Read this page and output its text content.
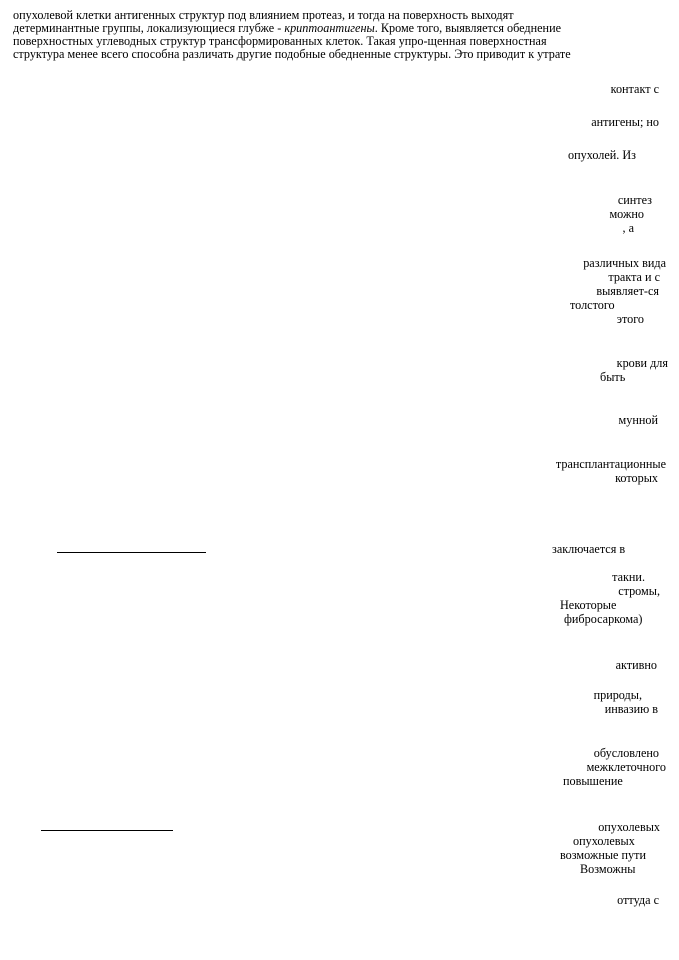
опухолевой клетки антигенных структур под влиянием протеаз, и тогда на поверхность выходят
детерминантные группы, локализующиеся глубже - криптоантигены. Кроме того, выявляется обеднение
поверхностных углеводных структур трансформированных клеток. Такая упро-щенная поверхностная
структура менее всего способна различать другие подобные обедненные структуры. Это приводит к утрате
контакт с
антигены; но
опухолей. Из
синтез
можно
, а
различных вида
тракта и с
выявляет-ся
толстого
этого
крови для
быть
мунной
трансплантационные
которых
заключается в
такни.
стромы,
Некоторые
фибросаркома)
активно
природы,
инвазию в
обусловлено
межклеточного
повышение
опухолевых
опухолевых
возможные пути
Возможны
оттуда с
